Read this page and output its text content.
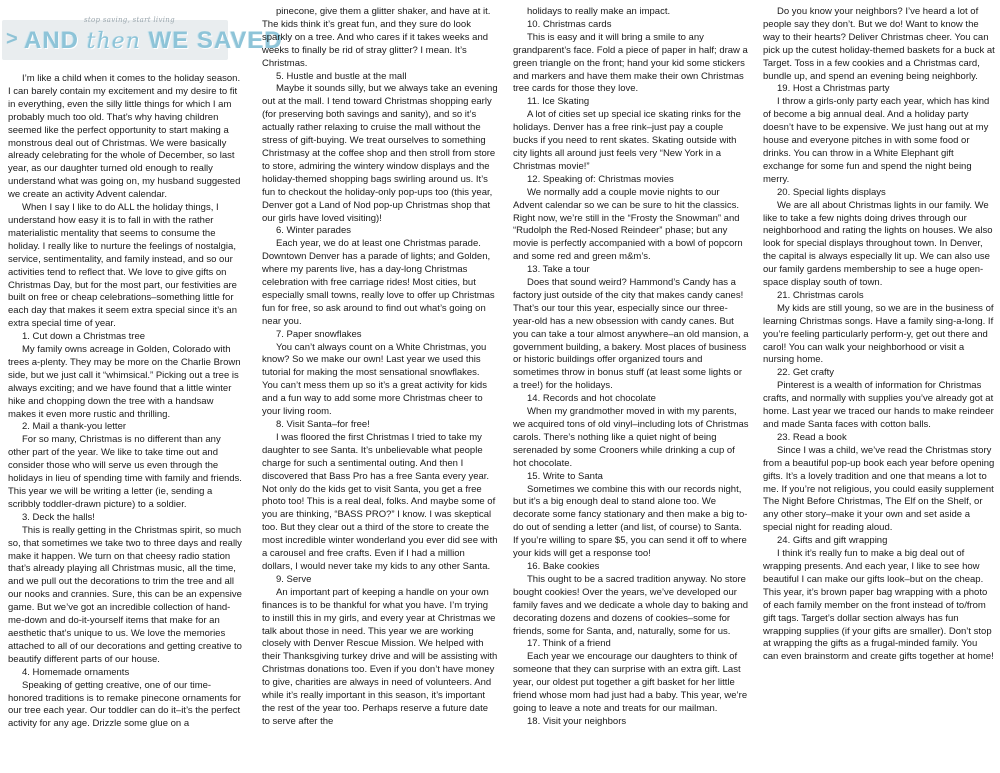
stop saving, start living
> AND then WE SAVED

I’m like a child when it comes to the holiday season. I can barely contain my excitement and my desire to fit in everything, even the silly little things for which I am probably much too old. That’s why having children seemed like the perfect opportunity to start making a monstrous deal out of Christmas. We were basically already celebrating for the whole of December, so last year, as our daughter turned old enough to really understand what was going on, my husband suggested we create an activity Advent calendar.

When I say I like to do ALL the holiday things, I understand how easy it is to fall in with the rather materialistic mentality that seems to consume the holiday. I really like to nurture the feelings of nostalgia, service, sentimentality, and family instead, and so our activities tend to reflect that. We love to give gifts on Christmas Day, but for the most part, our festivities are built on free or cheap celebrations–something little for each day that makes it seem extra special since it’s an extra special time of year.

1. Cut down a Christmas tree

My family owns acreage in Golden, Colorado with trees a-plenty. They may be more on the Charlie Brown side, but we just call it “whimsical.” Picking out a tree is always exciting; and we have found that a little winter hike and chopping down the tree with a handsaw makes it even more rustic and thrilling.

2. Mail a thank-you letter

For so many, Christmas is no different than any other part of the year. We like to take time out and consider those who will serve us even through the holidays in lieu of spending time with family and friends. This year we will be writing a letter (ie, sending a scribbly toddler-drawn picture) to a soldier.

3. Deck the halls!

This is really getting in the Christmas spirit, so much so, that sometimes we take two to three days and really make it happen. We turn on that cheesy radio station that’s already playing all Christmas music, all the time, and we pull out the decorations to trim the tree and all our nooks and crannies. Sure, this can be an expensive game. But we’ve got an incredible collection of hand-me-down and do-it-yourself items that make for an aesthetic that’s unique to us. We love the memories attached to all of our decorations and getting creative to beautify different parts of our house.

4. Homemade ornaments

Speaking of getting creative, one of our time-honored traditions is to remake pinecone ornaments for our tree each year. Our toddler can do it–it’s the perfect activity for any age. Drizzle some glue on a

pinecone, give them a glitter shaker, and have at it. The kids think it’s great fun, and they sure do look sparkly on a tree. And who cares if it takes weeks and weeks to finally be rid of stray glitter? I mean. It’s Christmas.

5. Hustle and bustle at the mall

Maybe it sounds silly, but we always take an evening out at the mall. I tend toward Christmas shopping early (for preserving both savings and sanity), and so it’s actually rather relaxing to cruise the mall without the stress of gift-buying. We treat ourselves to something Christmasy at the coffee shop and then stroll from store to store, admiring the wintery window displays and the holiday-themed shopping bags swirling around us. It’s fun to checkout the holiday-only pop-ups too (this year, Denver got a Land of Nod pop-up Christmas shop that our girls have loved visiting)!

6. Winter parades

Each year, we do at least one Christmas parade. Downtown Denver has a parade of lights; and Golden, where my parents live, has a day-long Christmas celebration with free carriage rides! Most cities, but especially small towns, really love to offer up Christmas fun for free, so ask around to find out what’s going on near you.

7. Paper snowflakes

You can’t always count on a White Christmas, you know? So we make our own! Last year we used this tutorial for making the most sensational snowflakes. You can’t mess them up so it’s a great activity for kids and a fun way to add some more Christmas cheer to your living room.

8. Visit Santa–for free!

I was floored the first Christmas I tried to take my daughter to see Santa. It’s unbelievable what people charge for such a sentimental outing. And then I discovered that Bass Pro has a free Santa every year. Not only do the kids get to visit Santa, you get a free photo too! This is a real deal, folks. And maybe some of you are thinking, “BASS PRO?” I know. I was skeptical too. But they clear out a third of the store to create the most incredible winter wonderland you ever did see with a carousel and free crafts. Even if I had a million dollars, I would never take my kids to any other Santa.

9. Serve

An important part of keeping a handle on your own finances is to be thankful for what you have. I’m trying to instill this in my girls, and every year at Christmas we talk about those in need. This year we are working closely with Denver Rescue Mission. We helped with their Thanksgiving turkey drive and will be assisting with Christmas donations too. Even if you don’t have money to give, charities are always in need of volunteers. And while it’s really important in this season, it’s important the rest of the year too. Perhaps reserve a future date to serve after the

holidays to really make an impact.

10. Christmas cards

This is easy and it will bring a smile to any grandparent’s face. Fold a piece of paper in half; draw a green triangle on the front; hand your kid some stickers and markers and have them make their own Christmas tree cards for those they love.

11. Ice Skating

A lot of cities set up special ice skating rinks for the holidays. Denver has a free rink–just pay a couple bucks if you need to rent skates. Skating outside with city lights all around just feels very “New York in a Christmas movie!”

12. Speaking of: Christmas movies

We normally add a couple movie nights to our Advent calendar so we can be sure to hit the classics. Right now, we’re still in the “Frosty the Snowman” and “Rudolph the Red-Nosed Reindeer” phase; but any movie is perfectly accompanied with a bowl of popcorn and some red and green m&m’s.

13. Take a tour

Does that sound weird? Hammond’s Candy has a factory just outside of the city that makes candy canes! That’s our tour this year, especially since our three-year-old has a new obsession with candy canes. But you can take a tour almost anywhere–an old mansion, a government building, a bakery. Most places of business or historic buildings offer organized tours and sometimes throw in bonus stuff (at least some lights or a tree!) for the holidays.

14. Records and hot chocolate

When my grandmother moved in with my parents, we acquired tons of old vinyl–including lots of Christmas carols. There’s nothing like a quiet night of being serenaded by some Crooners while drinking a cup of hot chocolate.

15. Write to Santa

Sometimes we combine this with our records night, but it’s a big enough deal to stand alone too. We decorate some fancy stationary and then make a big to-do out of sending a letter (and list, of course) to Santa. If you’re willing to spare $5, you can send it off to where your kids will get a response too!

16. Bake cookies

This ought to be a sacred tradition anyway. No store bought cookies! Over the years, we’ve developed our family faves and we dedicate a whole day to baking and decorating dozens and dozens of cookies–some for friends, some for Santa, and, naturally, some for us.

17. Think of a friend

Each year we encourage our daughters to think of someone that they can surprise with an extra gift. Last year, our oldest put together a gift basket for her little friend whose mom had just had a baby. This year, we’re going to leave a note and treats for our mailman.

18. Visit your neighbors

Do you know your neighbors? I’ve heard a lot of people say they don’t. But we do! Want to know the way to their hearts? Deliver Christmas cheer. You can pick up the cutest holiday-themed baskets for a buck at Target. Toss in a few cookies and a Christmas card, bundle up, and spend an evening being neighborly.

19. Host a Christmas party

I throw a girls-only party each year, which has kind of become a big annual deal. And a holiday party doesn’t have to be expensive. We just hang out at my house and everyone pitches in with some food or drinks. You can throw in a White Elephant gift exchange for some fun and spend the night being merry.

20. Special lights displays

We are all about Christmas lights in our family. We like to take a few nights doing drives through our neighborhood and rating the lights on houses. We also look for special displays throughout town. In Denver, the capital is always especially lit up. We can also use our family gardens membership to see a huge open-space display south of town.

21. Christmas carols

My kids are still young, so we are in the business of learning Christmas songs. Have a family sing-a-long. If you’re feeling particularly perform-y, get out there and carol! You can walk your neighborhood or visit a nursing home.

22. Get crafty

Pinterest is a wealth of information for Christmas crafts, and normally with supplies you’ve already got at home. Last year we traced our hands to make reindeer and made Santa faces with cotton balls.

23. Read a book

Since I was a child, we’ve read the Christmas story from a beautiful pop-up book each year before opening gifts. It’s a lovely tradition and one that means a lot to me. If you’re not religious, you could easily supplement The Night Before Christmas, The Elf on the Shelf, or any other story–make it your own and set aside a special night for reading aloud.

24. Gifts and gift wrapping

I think it’s really fun to make a big deal out of wrapping presents. And each year, I like to see how beautiful I can make our gifts look–but on the cheap. This year, it’s brown paper bag wrapping with a photo of each family member on the front instead of to/from gift tags. Target’s dollar section always has fun wrapping supplies (if your gifts are smaller). Don’t stop at wrapping the gifts as a frugal-minded family. You can even brainstorm and create gifts together at home!
